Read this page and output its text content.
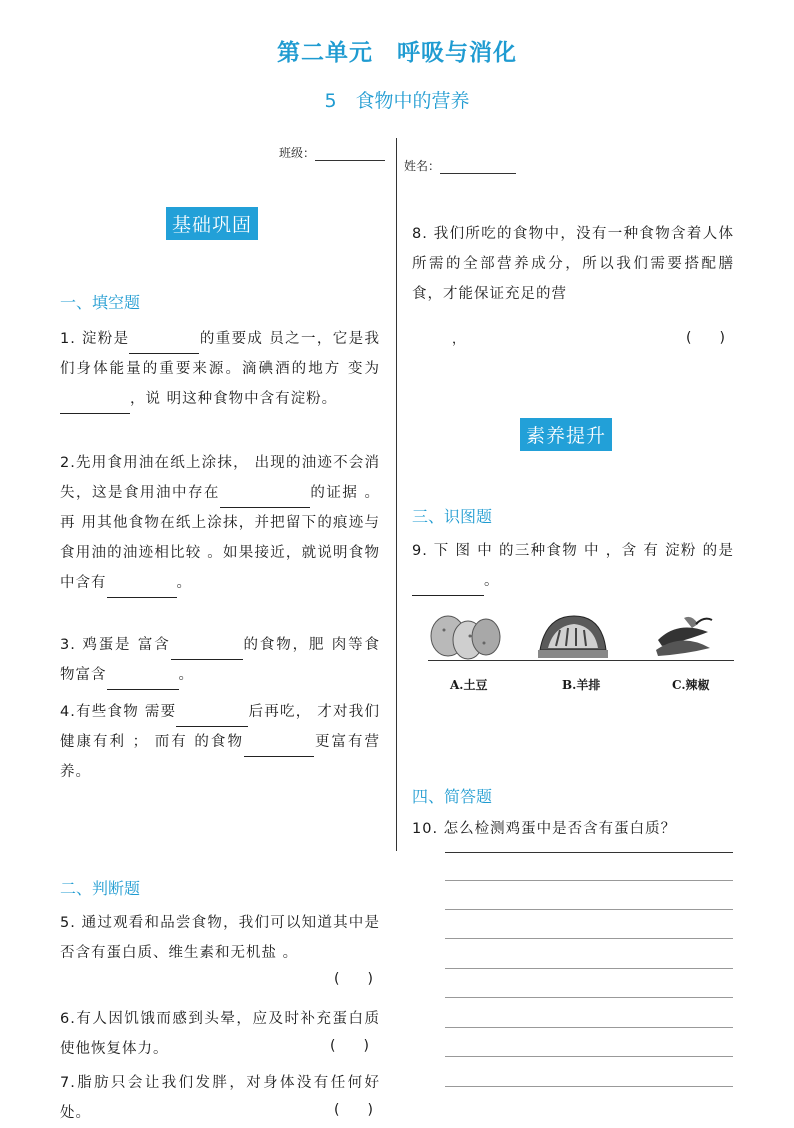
第二单元　呼吸与消化
5　食物中的营养
班级：
姓名：
基础巩固
一、填空题
1. 淀粉是	的重要成 员之一，它是我们身体能量的重要来源。滴碘酒的地方 变为，说 明这种食物中含有淀粉。
2.先用食用油在纸上涂抹， 出现的油迹不会消失，这是食用油中存在	的证据 。再 用其他食物在纸上涂抹，并把留下的痕迹与食用油的油迹相比较 。如果接近，就说明食物中含有	。
3. 鸡蛋是 富含	的食物，肥 肉等食物富含	。
4.有些食物 需要	后再吃， 才对我们健康有利 ； 而有 的食物	更富有营养。
二、判断题
5. 通过观看和品尝食物，我们可以知道其中是否含有蛋白质、维生素和无机盐 。
(　　)
6.有人因饥饿而感到头晕，应及时补充蛋白质使他恢复体力。	(　　)
7.脂肪只会让我们发胖，对身体没有任何好处。	(　　)
8. 我们所吃的食物中，没有一种食物含着人体所需的全部营养成分，所以我们需要搭配膳食，才能保证充足的营
，	(　　)
素养提升
三、识图题
9. 下 图 中 的三种食物 中 ，含 有 淀粉 的是。
A.土豆	B.羊排	C.辣椒
四、简答题
10. 怎么检测鸡蛋中是否含有蛋白质？
